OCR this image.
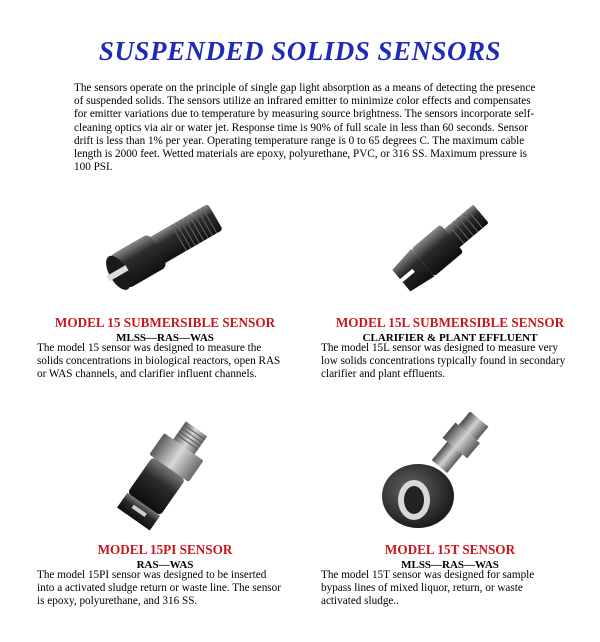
SUSPENDED SOLIDS SENSORS
The sensors operate on the principle of single gap light absorption as a means of detecting the presence of suspended solids. The sensors utilize an infrared emitter to minimize color effects and compensates for emitter variations due to temperature by measuring source brightness. The sensors incorporate self-cleaning optics via air or water jet. Response time is 90% of full scale in less than 60 seconds. Sensor drift is less than 1% per year. Operating temperature range is 0 to 65 degrees C. The maximum cable length is 2000 feet. Wetted materials are epoxy, polyurethane, PVC, or 316 SS. Maximum pressure is 100 PSI.
MODEL 15 SUBMERSIBLE SENSOR
MLSS—RAS—WAS
The model 15 sensor was designed to measure the solids concentrations in biological reactors, open RAS or WAS channels, and clarifier influent channels.
MODEL 15L SUBMERSIBLE SENSOR
CLARIFIER & PLANT EFFLUENT
The model 15L sensor was designed to measure very low solids concentrations typically found in secondary clarifier and plant effluents.
MODEL 15PI SENSOR
RAS—WAS
The model 15PI sensor was designed to be inserted into a activated sludge return or waste line. The sensor is epoxy, polyurethane, and 316 SS.
MODEL 15T SENSOR
MLSS—RAS—WAS
The model 15T sensor was designed for sample bypass lines of mixed liquor, return, or waste activated sludge..
